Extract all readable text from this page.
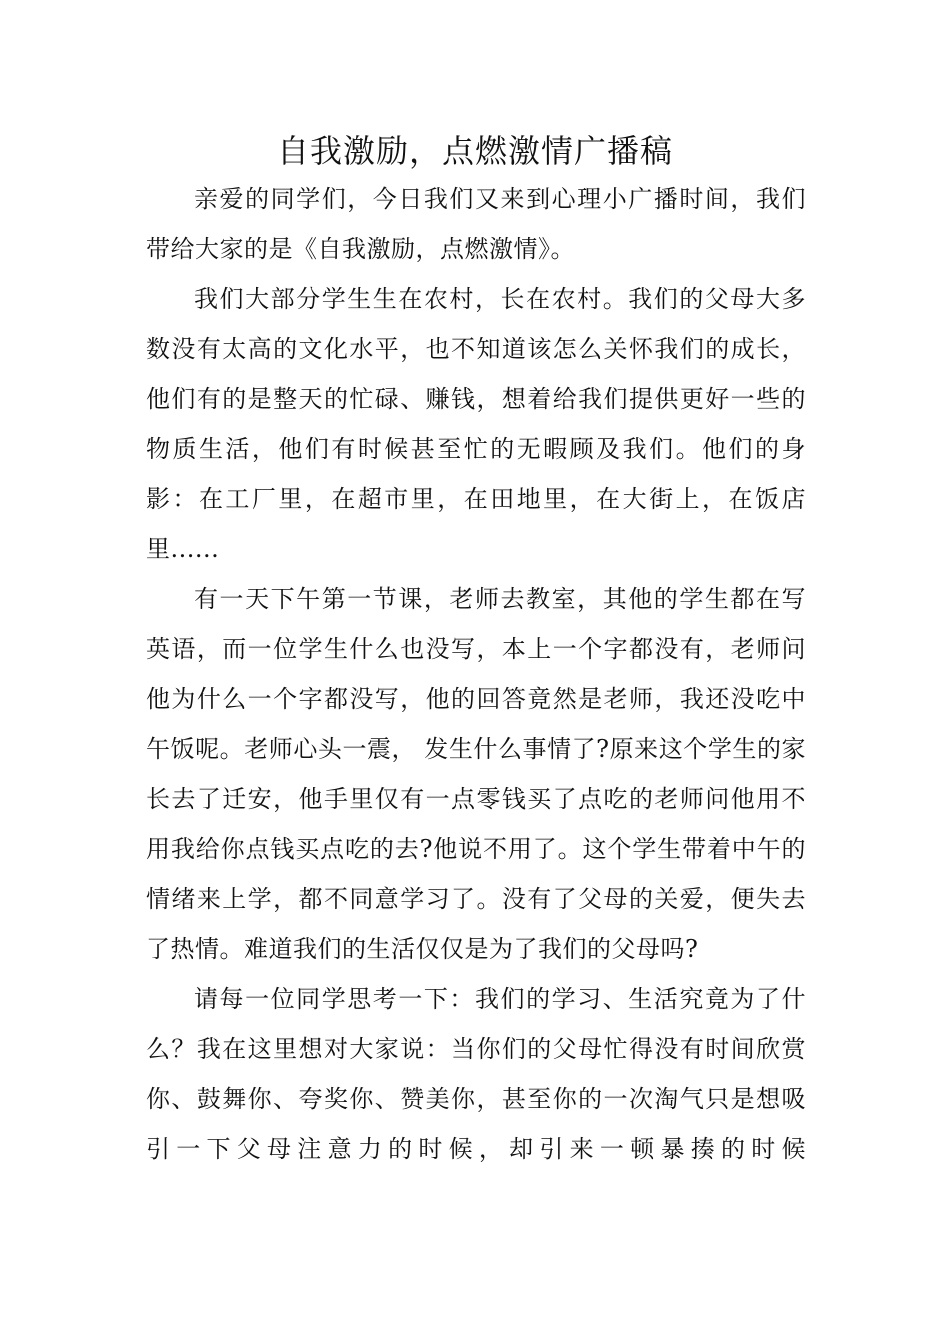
自我激励，点燃激情广播稿

亲爱的同学们，今日我们又来到心理小广播时间，我们带给大家的是《自我激励，点燃激情》。

我们大部分学生生在农村，长在农村。我们的父母大多数没有太高的文化水平，也不知道该怎么关怀我们的成长，他们有的是整天的忙碌、赚钱，想着给我们提供更好一些的物质生活，他们有时候甚至忙的无暇顾及我们。他们的身影：在工厂里，在超市里，在田地里，在大街上，在饭店里......

有一天下午第一节课，老师去教室，其他的学生都在写英语，而一位学生什么也没写，本上一个字都没有，老师问他为什么一个字都没写，他的回答竟然是老师，我还没吃中午饭呢。老师心头一震， 发生什么事情了?原来这个学生的家长去了迁安，他手里仅有一点零钱买了点吃的老师问他用不用我给你点钱买点吃的去?他说不用了。这个学生带着中午的情绪来上学，都不同意学习了。没有了父母的关爱，便失去了热情。难道我们的生活仅仅是为了我们的父母吗?

请每一位同学思考一下：我们的学习、生活究竟为了什么？我在这里想对大家说：当你们的父母忙得没有时间欣赏你、鼓舞你、夸奖你、赞美你，甚至你的一次淘气只是想吸引一下父母注意力的时候，却引来一顿暴揍的时候
